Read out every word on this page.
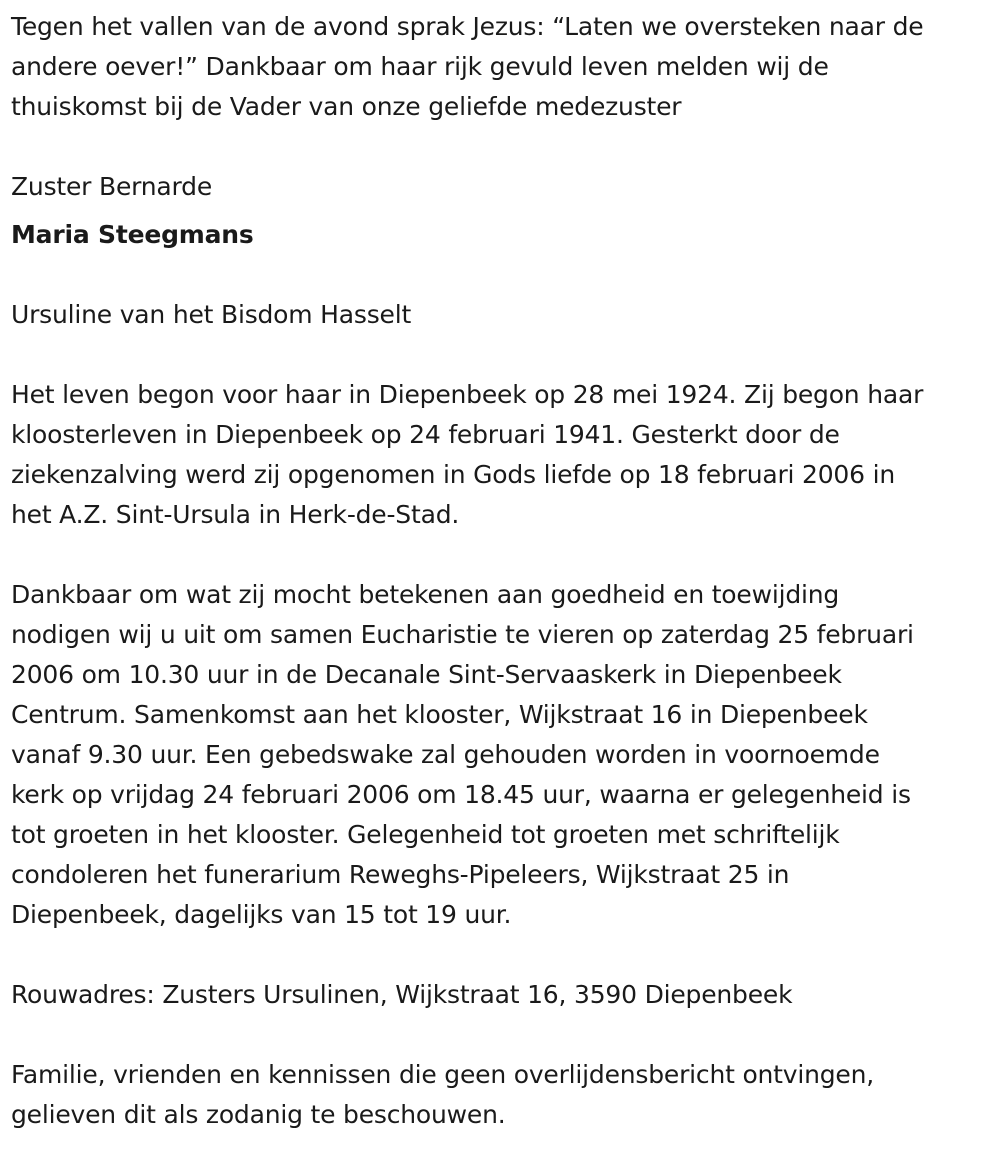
Tegen het vallen van de avond sprak Jezus: “Laten we oversteken naar de
andere oever!” Dankbaar om haar rijk gevuld leven melden wij de
thuiskomst bij de Vader van onze geliefde medezuster

Zuster Bernarde

Maria Steegmans

Ursuline van het Bisdom Hasselt

Het leven begon voor haar in Diepenbeek op 28 mei 1924. Zij begon haar
kloosterleven in Diepenbeek op 24 februari 1941. Gesterkt door de
ziekenzalving werd zij opgenomen in Gods liefde op 18 februari 2006 in
het A.Z. Sint-Ursula in Herk-de-Stad.

Dankbaar om wat zij mocht betekenen aan goedheid en toewijding
nodigen wij u uit om samen Eucharistie te vieren op zaterdag 25 februari
2006 om 10.30 uur in de Decanale Sint-Servaaskerk in Diepenbeek
Centrum. Samenkomst aan het klooster, Wijkstraat 16 in Diepenbeek
vanaf 9.30 uur. Een gebedswake zal gehouden worden in voornoemde
kerk op vrijdag 24 februari 2006 om 18.45 uur, waarna er gelegenheid is
tot groeten in het klooster. Gelegenheid tot groeten met schriftelijk
condoleren het funerarium Reweghs-Pipeleers, Wijkstraat 25 in
Diepenbeek, dagelijks van 15 tot 19 uur.

Rouwadres: Zusters Ursulinen, Wijkstraat 16, 3590 Diepenbeek

Familie, vrienden en kennissen die geen overlijdensbericht ontvingen,
gelieven dit als zodanig te beschouwen.
